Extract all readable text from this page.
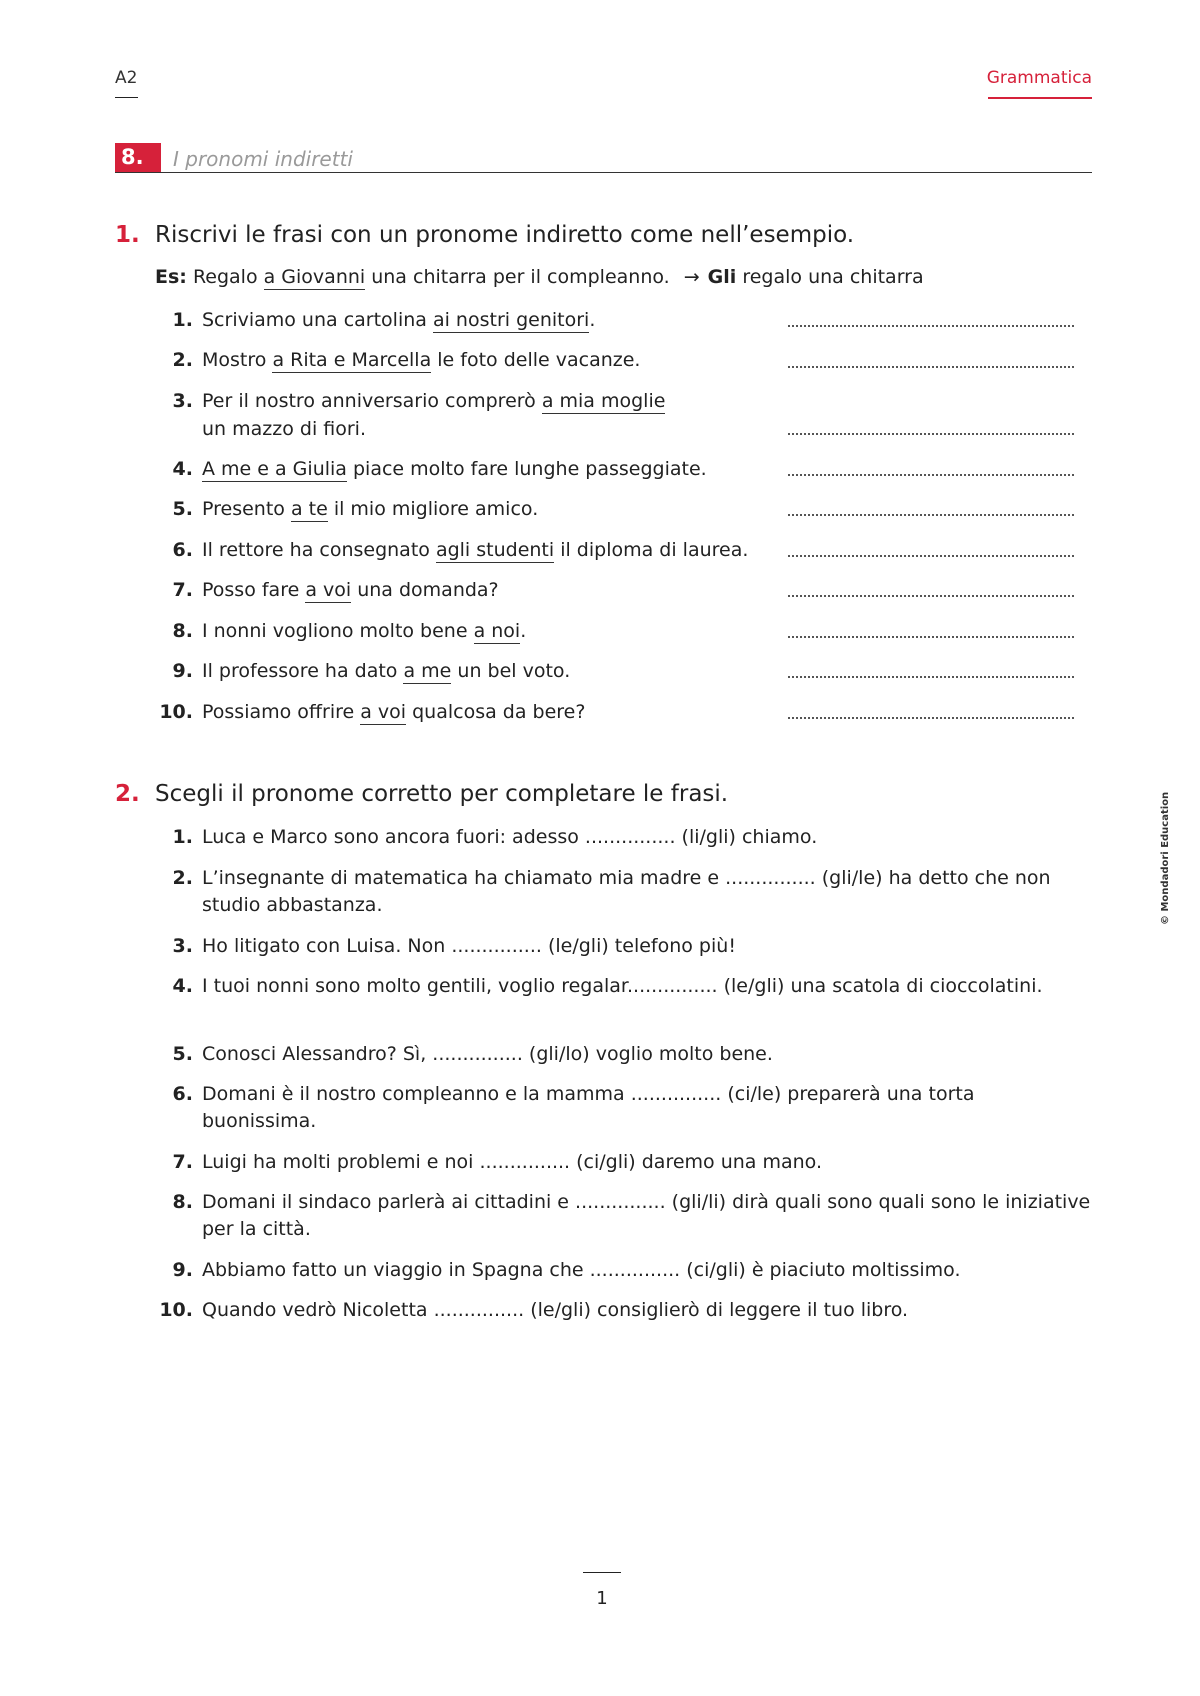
A2	Grammatica
8.	I pronomi indiretti
1. Riscrivi le frasi con un pronome indiretto come nell’esempio.
Es: Regalo a Giovanni una chitarra per il compleanno. → Gli regalo una chitarra
1. Scriviamo una cartolina ai nostri genitori.
2. Mostro a Rita e Marcella le foto delle vacanze.
3. Per il nostro anniversario comprerò a mia moglie
un mazzo di fiori.
4. A me e a Giulia piace molto fare lunghe passeggiate.
5. Presento a te il mio migliore amico.
6. Il rettore ha consegnato agli studenti il diploma di laurea.
7. Posso fare a voi una domanda?
8. I nonni vogliono molto bene a noi.
9. Il professore ha dato a me un bel voto.
10. Possiamo offrire a voi qualcosa da bere?
2. Scegli il pronome corretto per completare le frasi.
1. Luca e Marco sono ancora fuori: adesso ............... (li/gli) chiamo.
2. L’insegnante di matematica ha chiamato mia madre e ............... (gli/le) ha detto che non studio abbastanza.
3. Ho litigato con Luisa. Non ............... (le/gli) telefono più!
4. I tuoi nonni sono molto gentili, voglio regalar............... (le/gli) una scatola di cioccolatini.
5. Conosci Alessandro? Sì, ............... (gli/lo) voglio molto bene.
6. Domani è il nostro compleanno e la mamma ............... (ci/le) preparerà una torta buonissima.
7. Luigi ha molti problemi e noi ............... (ci/gli) daremo una mano.
8. Domani il sindaco parlerà ai cittadini e ............... (gli/li) dirà quali sono quali sono le iniziative per la città.
9. Abbiamo fatto un viaggio in Spagna che ............... (ci/gli) è piaciuto moltissimo.
10. Quando vedrò Nicoletta ............... (le/gli) consiglierò di leggere il tuo libro.
© Mondadori Education
1
